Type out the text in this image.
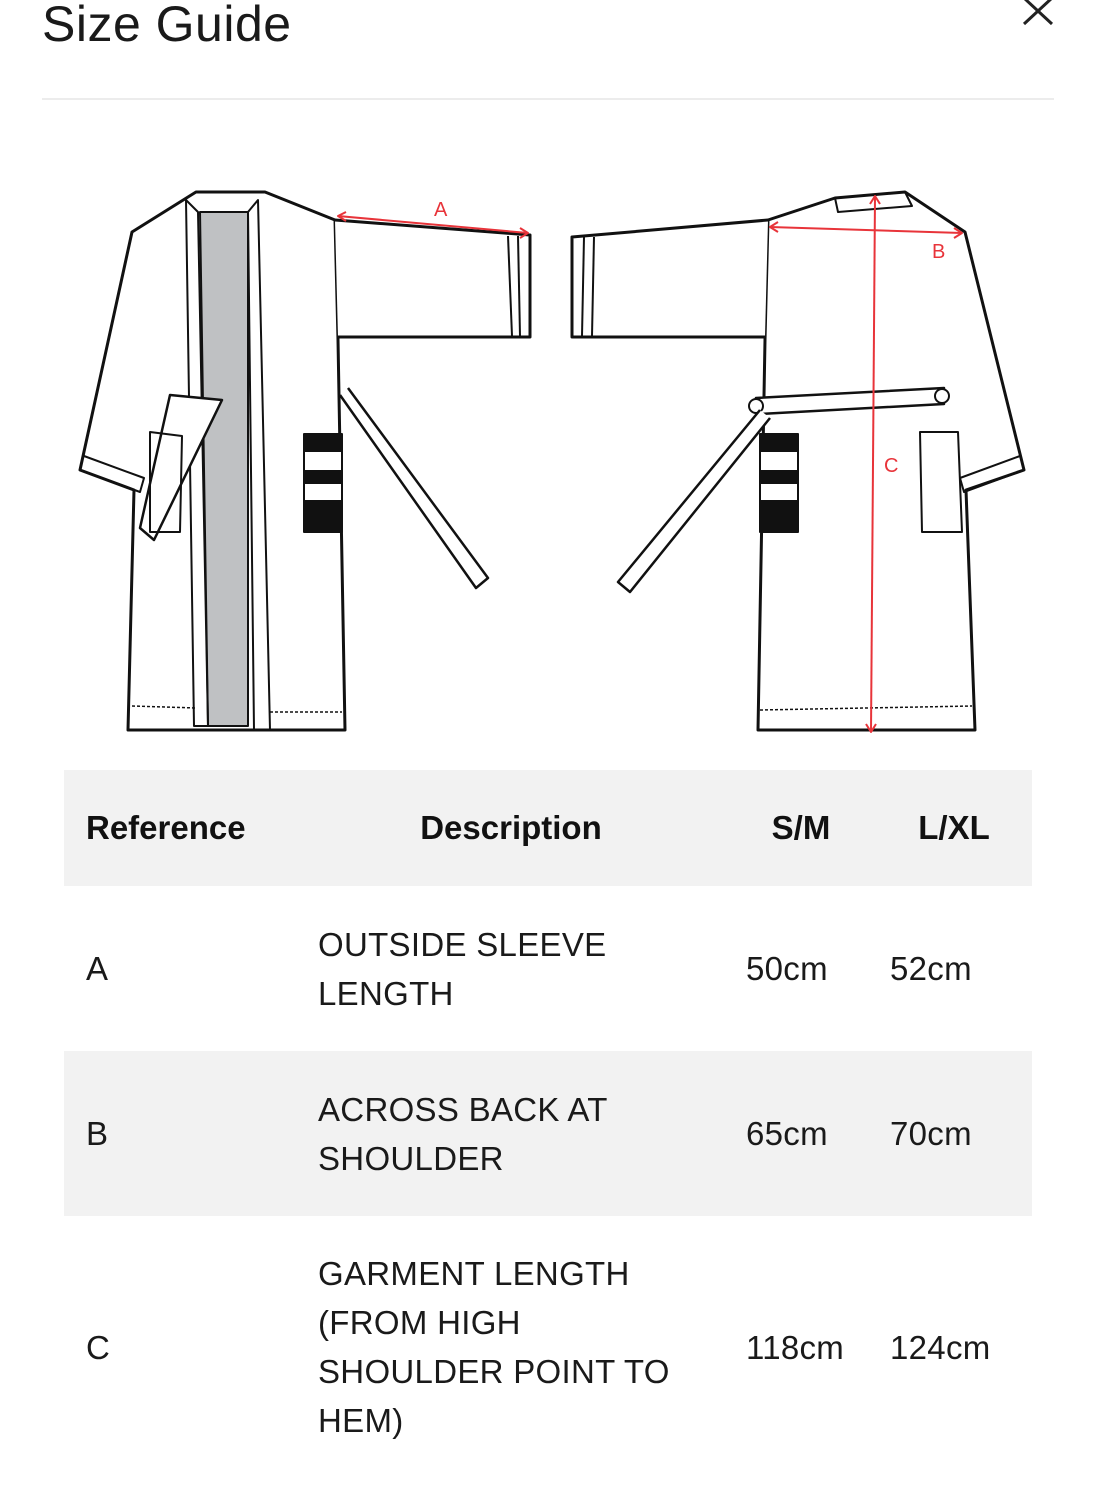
Size Guide
A
B
C
Reference	Description	S/M	L/XL
A	OUTSIDE SLEEVE LENGTH	50cm	52cm
B	ACROSS BACK AT SHOULDER	65cm	70cm
C	GARMENT LENGTH (FROM HIGH SHOULDER POINT TO HEM)	118cm	124cm
